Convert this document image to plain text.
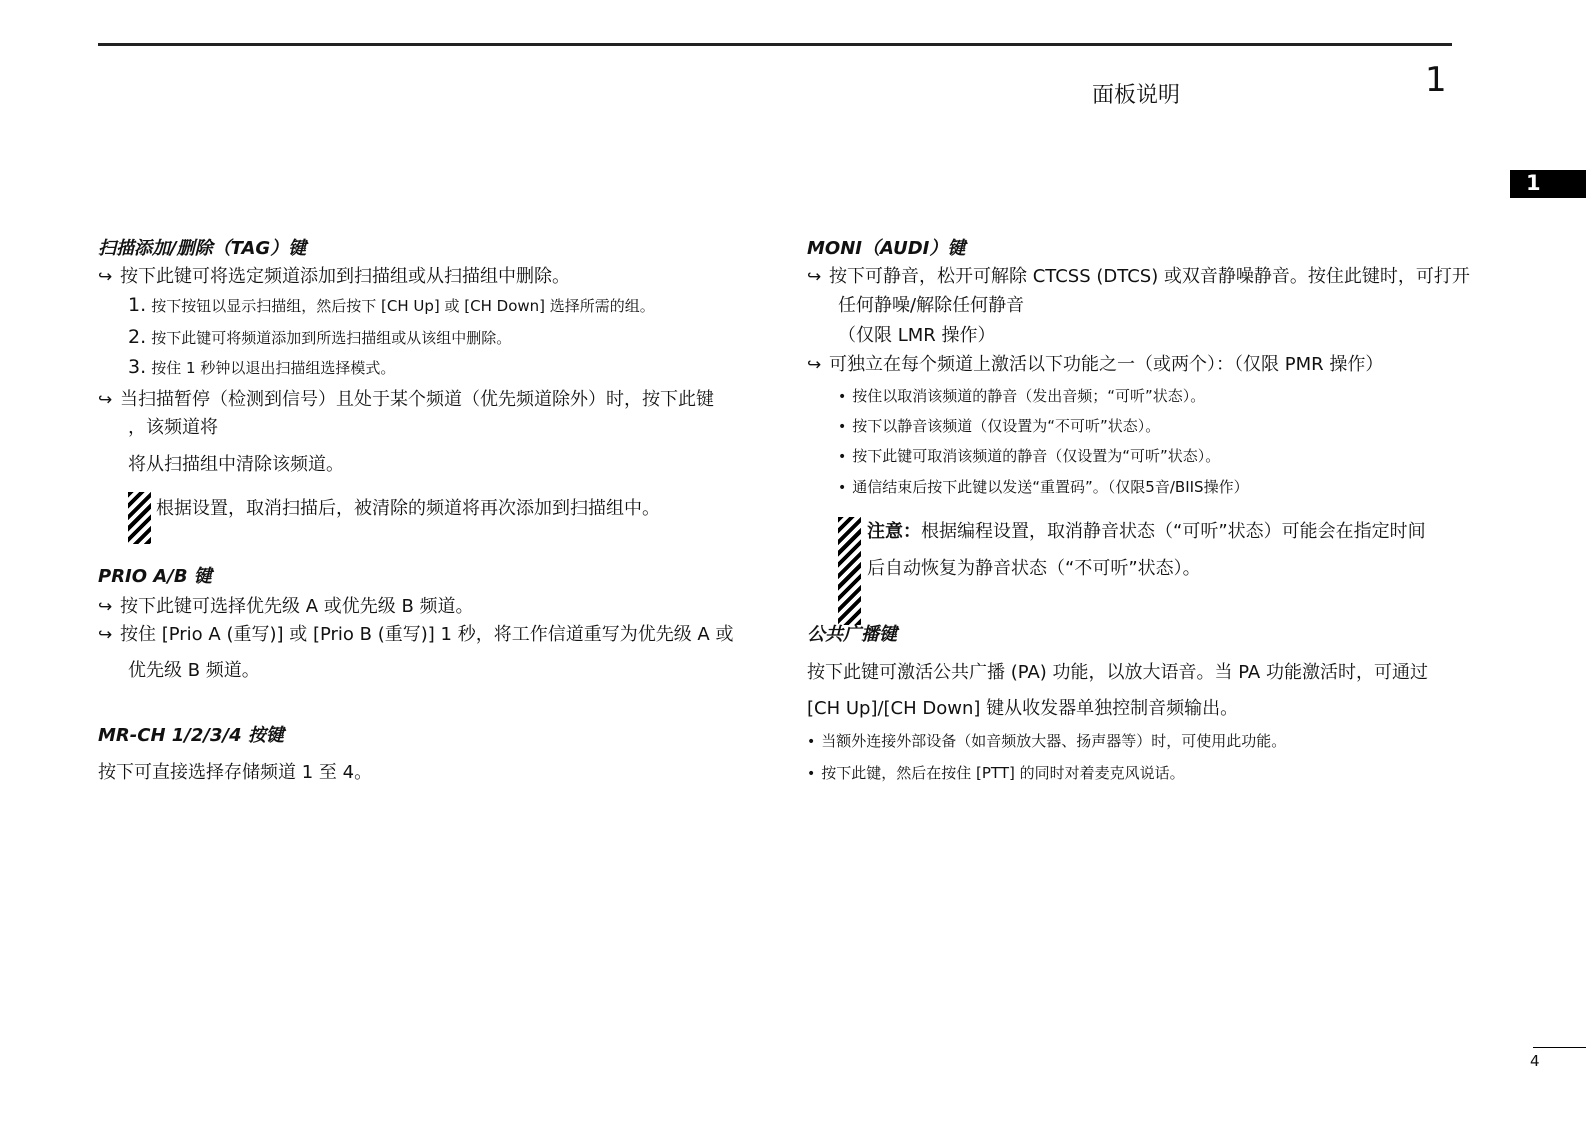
面板说明	1
1
扫描添加/删除（TAG）键
↪ 按下此键可将选定频道添加到扫描组或从扫描组中删除。
1. 按下按钮以显示扫描组，然后按下 [CH Up] 或 [CH Down] 选择所需的组。
2. 按下此键可将频道添加到所选扫描组或从该组中删除。
3. 按住 1 秒钟以退出扫描组选择模式。
↪ 当扫描暂停（检测到信号）且处于某个频道（优先频道除外）时，按下此键
，该频道将
将从扫描组中清除该频道。
根据设置，取消扫描后，被清除的频道将再次添加到扫描组中。
PRIO A/B 键
↪ 按下此键可选择优先级 A 或优先级 B 频道。
↪ 按住 [Prio A (重写)] 或 [Prio B (重写)] 1 秒，将工作信道重写为优先级 A 或
优先级 B 频道。
MR-CH 1/2/3/4 按键
按下可直接选择存储频道 1 至 4。
MONI（AUDI）键
↪ 按下可静音，松开可解除 CTCSS (DTCS) 或双音静噪静音。按住此键时，可打开
任何静噪/解除任何静音
（仅限 LMR 操作）
↪ 可独立在每个频道上激活以下功能之一（或两个）：（仅限 PMR 操作）
• 按住以取消该频道的静音（发出音频；“可听”状态）。
• 按下以静音该频道（仅设置为“不可听”状态）。
• 按下此键可取消该频道的静音（仅设置为“可听”状态）。
• 通信结束后按下此键以发送“重置码”。（仅限5音/BIIS操作）
注意：根据编程设置，取消静音状态（“可听”状态）可能会在指定时间
后自动恢复为静音状态（“不可听”状态）。
公共广播键
按下此键可激活公共广播 (PA) 功能，以放大语音。当 PA 功能激活时，可通过
[CH Up]/[CH Down] 键从收发器单独控制音频输出。
• 当额外连接外部设备（如音频放大器、扬声器等）时，可使用此功能。
• 按下此键，然后在按住 [PTT] 的同时对着麦克风说话。
4
